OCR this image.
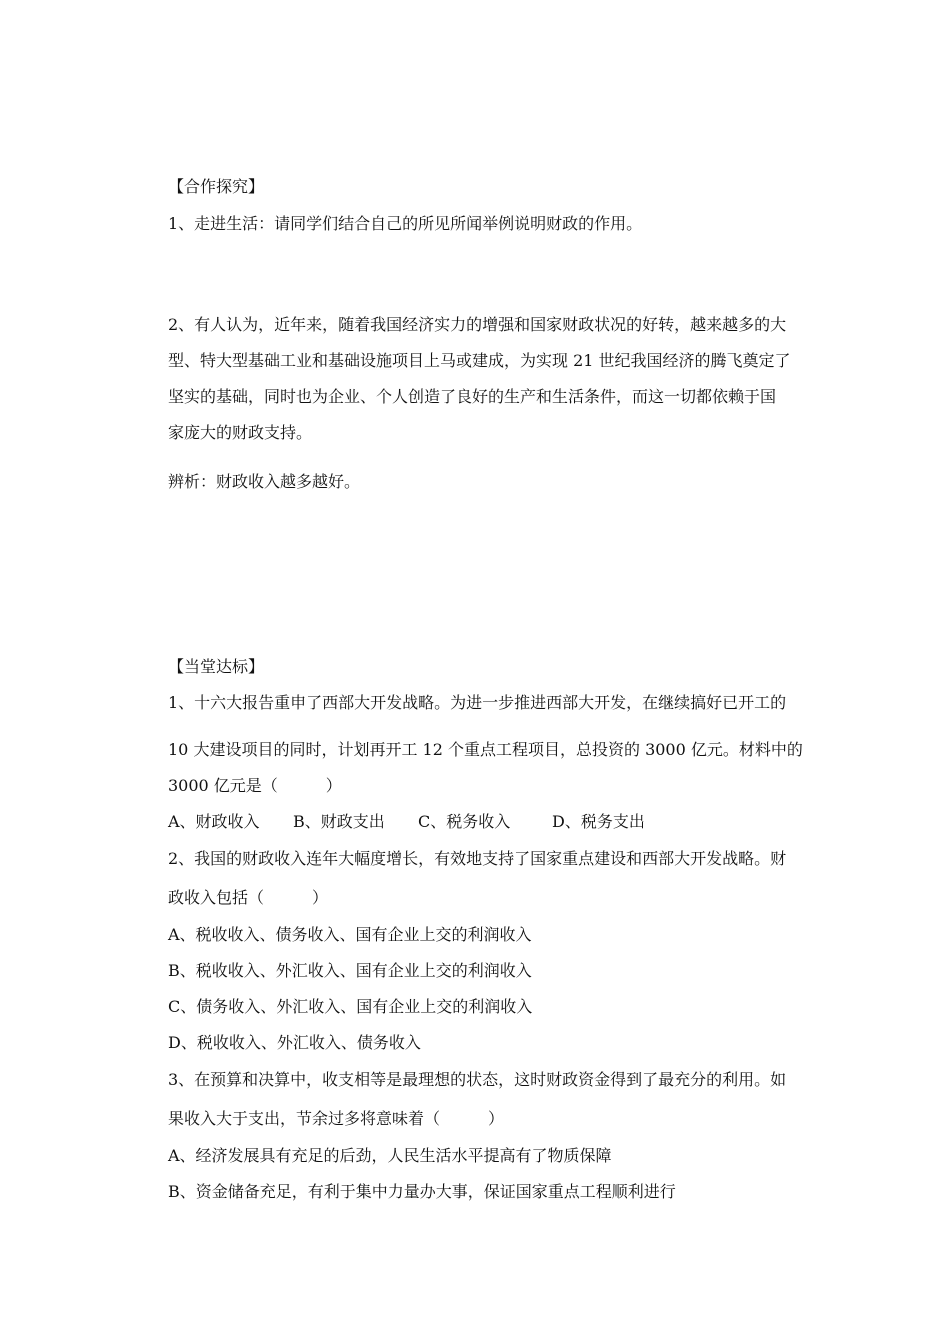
【合作探究】
1、走进生活：请同学们结合自己的所见所闻举例说明财政的作用。
2、有人认为，近年来，随着我国经济实力的增强和国家财政状况的好转，越来越多的大
型、特大型基础工业和基础设施项目上马或建成，为实现 21 世纪我国经济的腾飞奠定了
坚实的基础，同时也为企业、个人创造了良好的生产和生活条件，而这一切都依赖于国
家庞大的财政支持。
辨析：财政收入越多越好。
【当堂达标】
1、十六大报告重申了西部大开发战略。为进一步推进西部大开发，在继续搞好已开工的
10 大建设项目的同时，计划再开工 12 个重点工程项目，总投资的 3000 亿元。材料中的
3000 亿元是（　　　）
A、财政收入 B、财政支出 C、税务收入	D、税务支出
2、我国的财政收入连年大幅度增长，有效地支持了国家重点建设和西部大开发战略。财
政收入包括（　　　）
A、税收收入、债务收入、国有企业上交的利润收入
B、税收收入、外汇收入、国有企业上交的利润收入
C、债务收入、外汇收入、国有企业上交的利润收入
D、税收收入、外汇收入、债务收入
3、在预算和决算中，收支相等是最理想的状态，这时财政资金得到了最充分的利用。如
果收入大于支出，节余过多将意味着（　　　）
A、经济发展具有充足的后劲，人民生活水平提高有了物质保障
B、资金储备充足，有利于集中力量办大事，保证国家重点工程顺利进行
